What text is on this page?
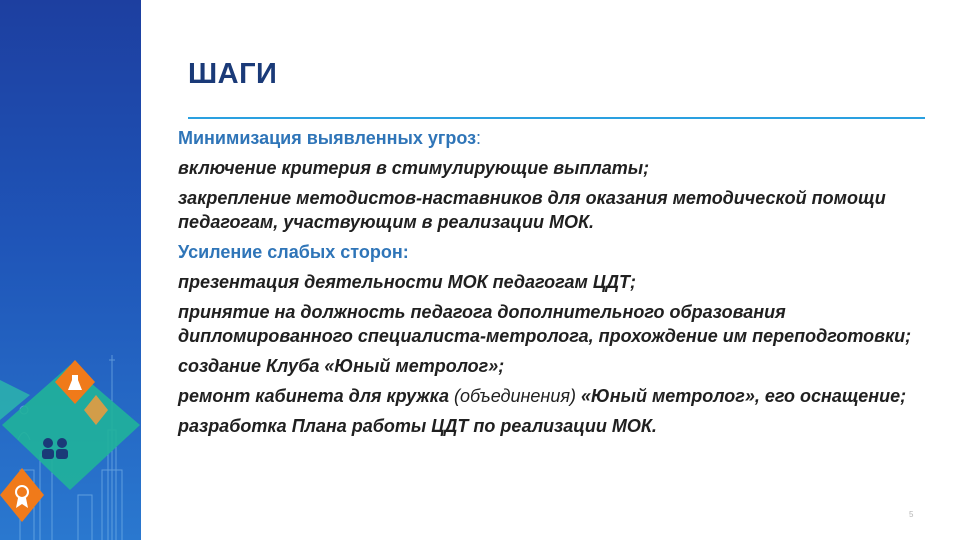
ШАГИ

Минимизация выявленных угроз:

включение критерия в стимулирующие выплаты;

закрепление методистов-наставников для оказания методической помощи педагогам, участвующим в реализации МОК.

Усиление слабых сторон:

презентация деятельности МОК педагогам ЦДТ;

принятие на должность педагога дополнительного образования дипломированного специалиста-метролога, прохождение им переподготовки;

создание Клуба «Юный метролог»;

ремонт кабинета для кружка (объединения) «Юный метролог», его оснащение;

разработка Плана работы ЦДТ по реализации МОК.

5
